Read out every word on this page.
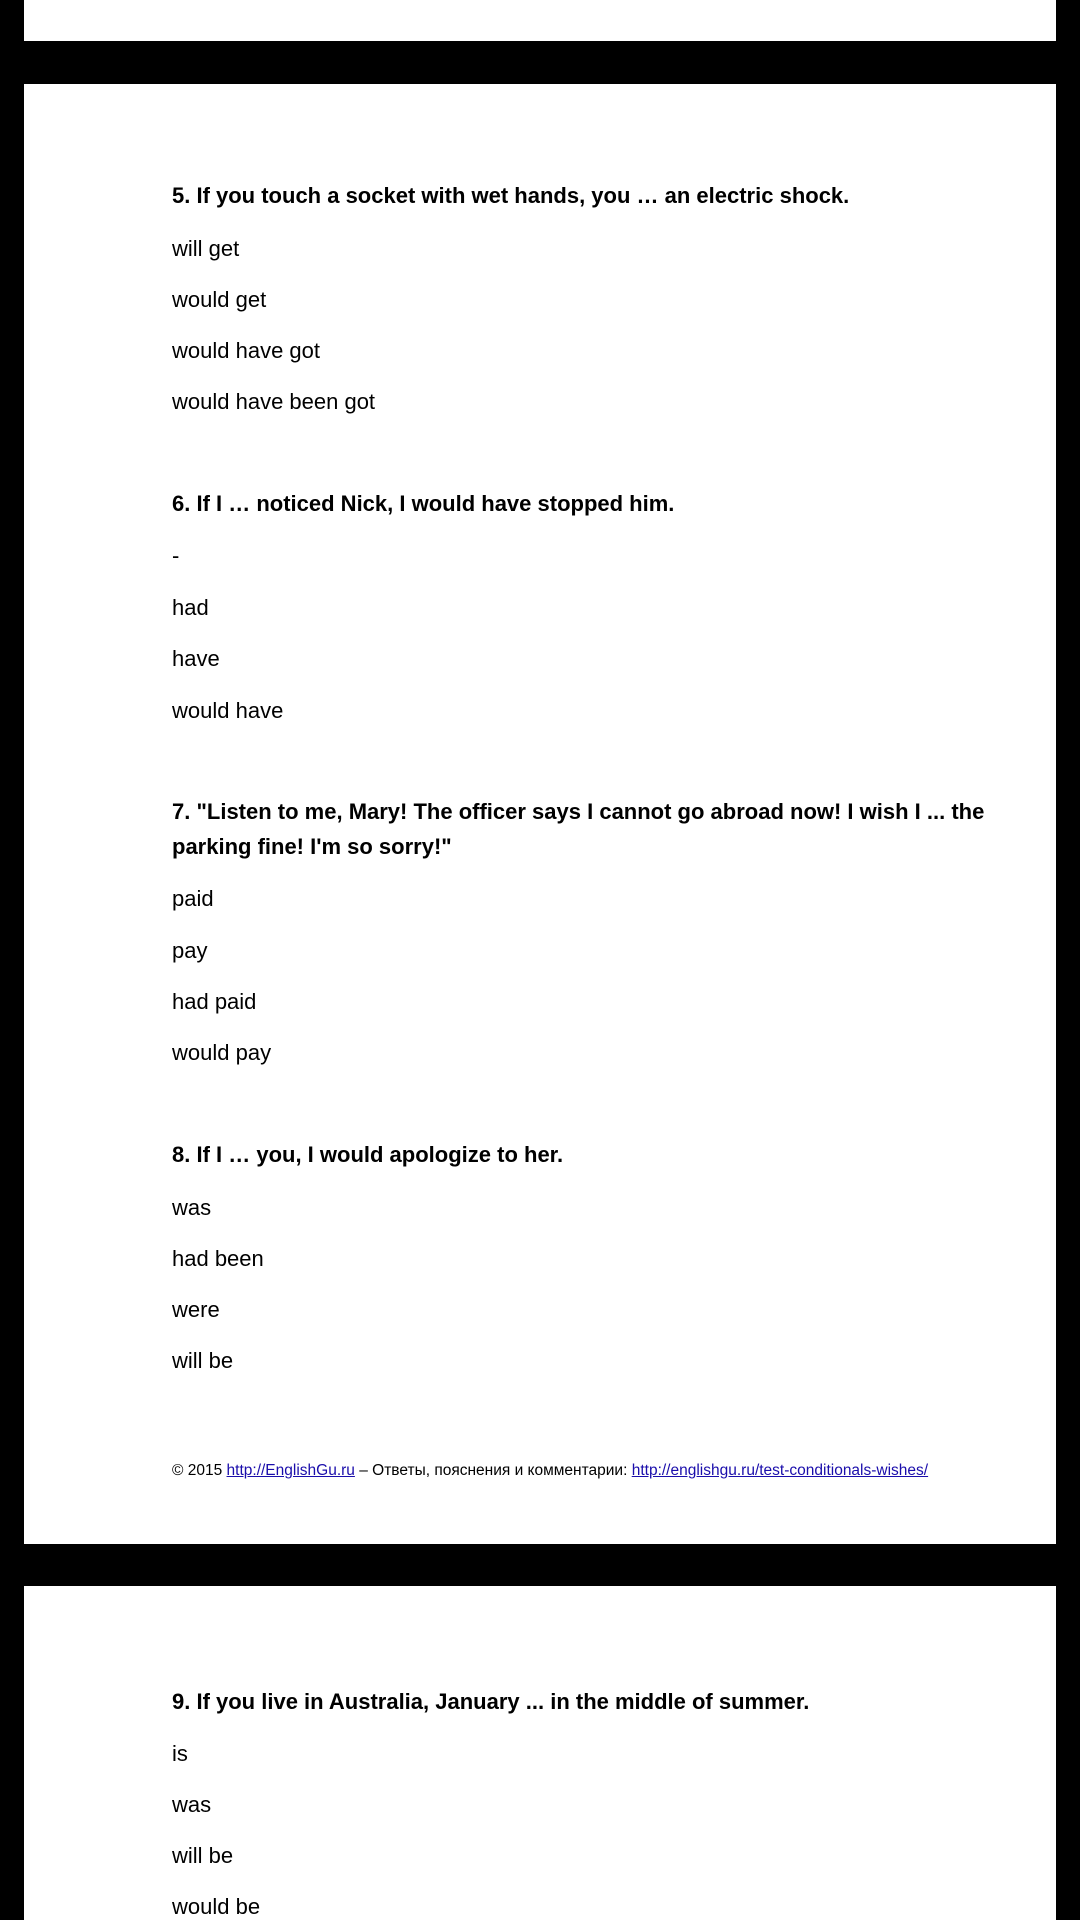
5. If you touch a socket with wet hands, you … an electric shock.
will get
would get
would have got
would have been got
6. If I … noticed Nick, I would have stopped him.
-
had
have
would have
7. "Listen to me, Mary! The officer says I cannot go abroad now! I wish I ... the parking fine! I'm so sorry!"
paid
pay
had paid
would pay
8. If I … you, I would apologize to her.
was
had been
were
will be
© 2015 http://EnglishGu.ru – Ответы, пояснения и комментарии: http://englishgu.ru/test-conditionals-wishes/
9. If you live in Australia, January ... in the middle of summer.
is
was
will be
would be
